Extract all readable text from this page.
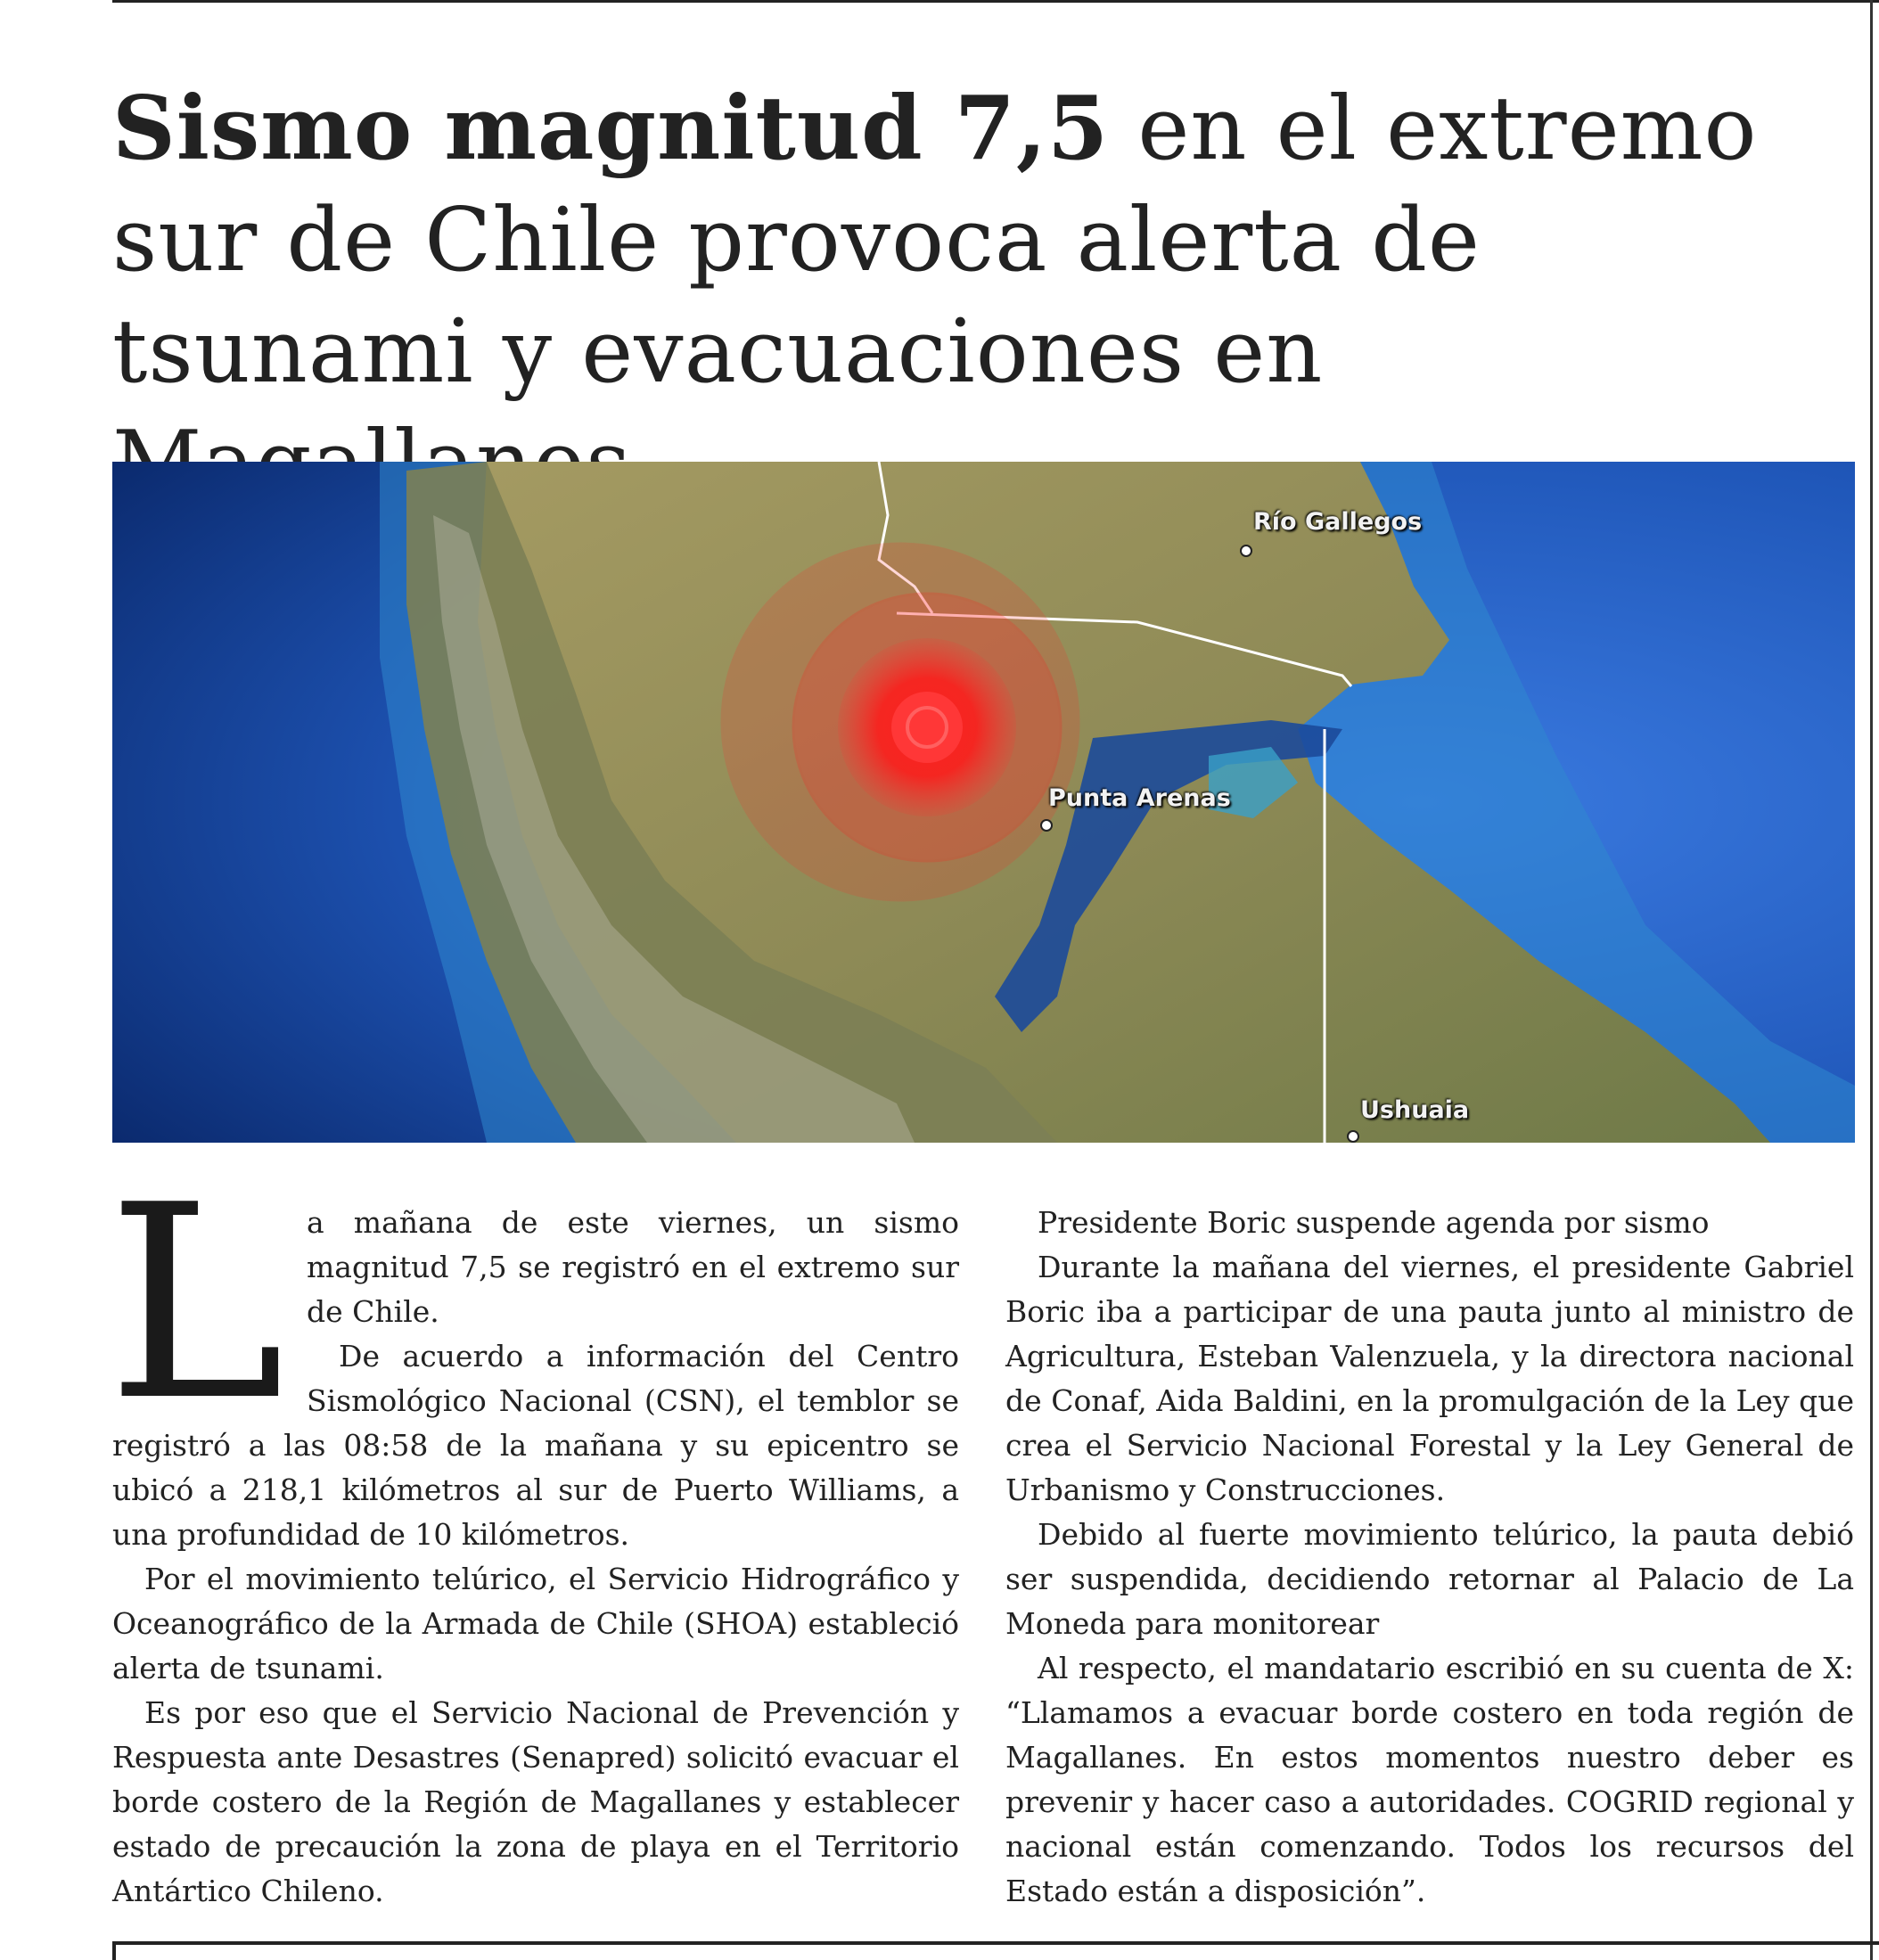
Sismo magnitud 7,5 en el extremo sur de Chile provoca alerta de tsunami y evacuaciones en
Río Gallegos
Punta Arenas
Ushuaia
L a mañana de este viernes, un sismo magnitud 7,5 se registró en el extremo sur de Chile.

De acuerdo a información del Centro Sismológico Nacional (CSN), el temblor se registró a las 08:58 de la mañana y su epicentro se ubicó a 218,1 kilómetros al sur de Puerto Williams, a una profundidad de 10 kilómetros.

Por el movimiento telúrico, el Servicio Hidrográfico y Oceanográfico de la Armada de Chile (SHOA) estableció alerta de tsunami.

Es por eso que el Servicio Nacional de Prevención y Respuesta ante Desastres (Senapred) solicitó evacuar el borde costero de la Región de Magallanes y establecer estado de precaución la zona de playa en el Territorio Antártico Chileno.

Presidente Boric suspende agenda por sismo

Durante la mañana del viernes, el presidente Gabriel Boric iba a participar de una pauta junto al ministro de Agricultura, Esteban Valenzuela, y la directora nacional de Conaf, Aida Baldini, en la promulgación de la Ley que crea el Servicio Nacional Forestal y la Ley General de Urbanismo y Construcciones.

Debido al fuerte movimiento telúrico, la pauta debió ser suspendida, decidiendo retornar al Palacio de La Moneda para monitorear

Al respecto, el mandatario escribió en su cuenta de X: “Llamamos a evacuar borde costero en toda región de Magallanes. En estos momentos nuestro deber es prevenir y hacer caso a autoridades. COGRID regional y nacional están comenzando. Todos los recursos del Estado están a disposición”.
